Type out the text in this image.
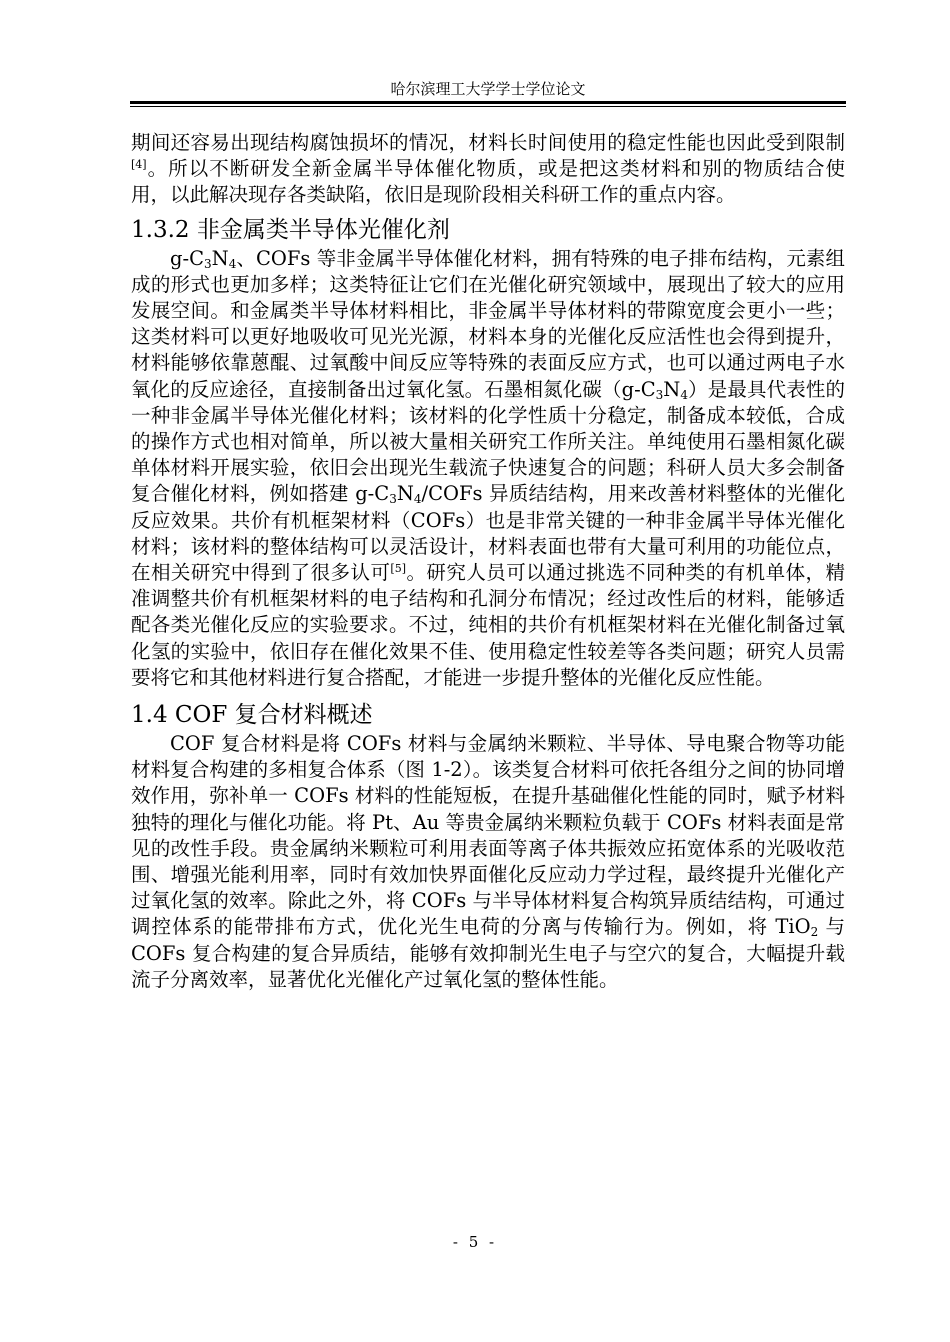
哈尔滨理工大学学士学位论文

期间还容易出现结构腐蚀损坏的情况，材料长时间使用的稳定性能也因此受到限制[4]。所以不断研发全新金属半导体催化物质，或是把这类材料和别的物质结合使用，以此解决现存各类缺陷，依旧是现阶段相关科研工作的重点内容。

1.3.2 非金属类半导体光催化剂

$g-C_3N_4$、COFs 等非金属半导体催化材料，拥有特殊的电子排布结构，元素组成的形式也更加多样；这类特征让它们在光催化研究领域中，展现出了较大的应用发展空间。和金属类半导体材料相比，非金属半导体材料的带隙宽度会更小一些；这类材料可以更好地吸收可见光光源，材料本身的光催化反应活性也会得到提升，材料能够依靠蒽醌、过氧酸中间反应等特殊的表面反应方式，也可以通过两电子水氧化的反应途径，直接制备出过氧化氢。石墨相氮化碳$(g-C_3N_4)$是最具代表性的一种非金属半导体光催化材料；该材料的化学性质十分稳定，制备成本较低，合成的操作方式也相对简单，所以被大量相关研究工作所关注。单纯使用石墨相氮化碳单体材料开展实验，依旧会出现光生载流子快速复合的问题；科研人员大多会制备复合催化材料，例如搭建 $g-C_3N_4$/COFs 异质结结构，用来改善材料整体的光催化反应效果。共价有机框架材料（COFs）也是非常关键的一种非金属半导体光催化材料；该材料的整体结构可以灵活设计，材料表面也带有大量可利用的功能位点，在相关研究中得到了很多认可[5]。研究人员可以通过挑选不同种类的有机单体，精准调整共价有机框架材料的电子结构和孔洞分布情况；经过改性后的材料，能够适配各类光催化反应的实验要求。不过，纯相的共价有机框架材料在光催化制备过氧化氢的实验中，依旧存在催化效果不佳、使用稳定性较差等各类问题；研究人员需要将它和其他材料进行复合搭配，才能进一步提升整体的光催化反应性能。

1.4 COF 复合材料概述

COF 复合材料是将 COFs 材料与金属纳米颗粒、半导体、导电聚合物等功能材料复合构建的多相复合体系（图 1-2）。该类复合材料可依托各组分之间的协同增效作用，弥补单一 COFs 材料的性能短板，在提升基础催化性能的同时，赋予材料独特的理化与催化功能。将 Pt、Au 等贵金属纳米颗粒负载于 COFs 材料表面是常见的改性手段。贵金属纳米颗粒可利用表面等离子体共振效应拓宽体系的光吸收范围、增强光能利用率，同时有效加快界面催化反应动力学过程，最终提升光催化产过氧化氢的效率。除此之外，将 COFs 与半导体材料复合构筑异质结结构，可通过调控体系的能带排布方式，优化光生电荷的分离与传输行为。例如，将 TiO$_2$ 与 COFs 复合构建的复合异质结，能够有效抑制光生电子与空穴的复合，大幅提升载流子分离效率，显著优化光催化产过氧化氢的整体性能。

- 5 -
